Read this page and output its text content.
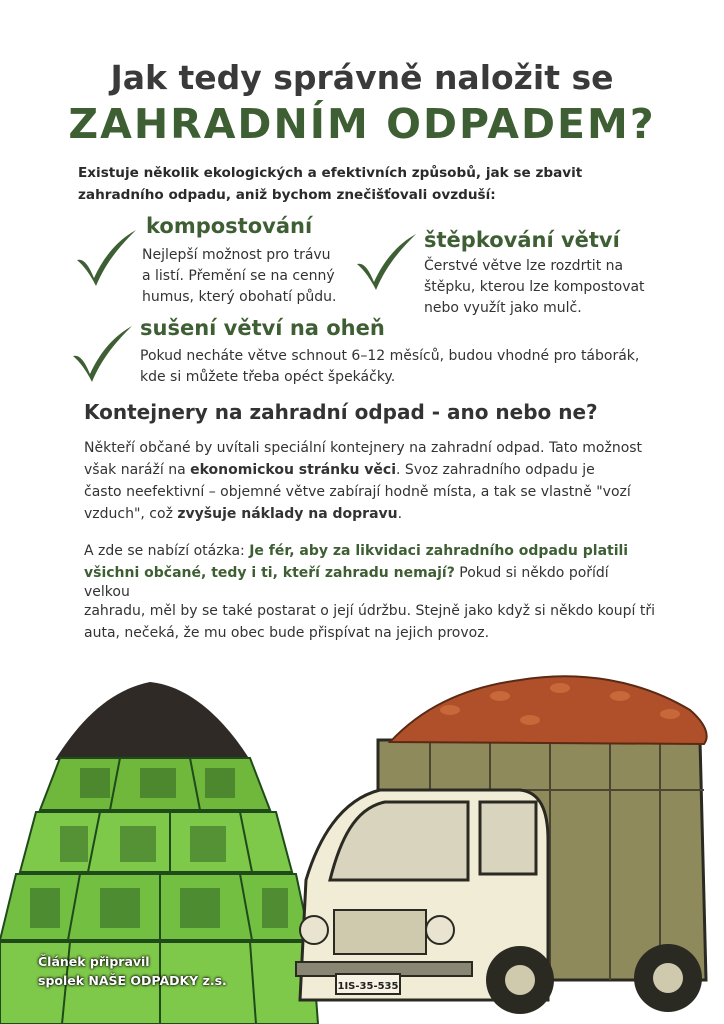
Jak tedy správně naložit se
ZAHRADNÍM ODPADEM?
Existuje několik ekologických a efektivních způsobů, jak se zbavit
zahradního odpadu, aniž bychom znečišťovali ovzduší:
kompostování
Nejlepší možnost pro trávu
a listí. Přemění se na cenný
humus, který obohatí půdu.
štěpkování větví
Čerstvé větve lze rozdrtit na
štěpku, kterou lze kompostovat
nebo využít jako mulč.
sušení větví na oheň
Pokud necháte větve schnout 6–12 měsíců, budou vhodné pro táborák,
kde si můžete třeba opéct špekáčky.
Kontejnery na zahradní odpad - ano nebo ne?
Někteří občané by uvítali speciální kontejnery na zahradní odpad. Tato možnost
však naráží na ekonomickou stránku věci. Svoz zahradního odpadu je
často neefektivní – objemné větve zabírají hodně místa, a tak se vlastně "vozí
vzduch", což zvyšuje náklady na dopravu.
A zde se nabízí otázka: Je fér, aby za likvidaci zahradního odpadu platili
všichni občané, tedy i ti, kteří zahradu nemají? Pokud si někdo pořídí
velkou
zahradu, měl by se také postarat o její údržbu. Stejně jako když si někdo koupí tři
auta, nečeká, že mu obec bude přispívat na jejich provoz.
1IS-35-535
Článek připravil
spolek NAŠE ODPADKY z.s.
